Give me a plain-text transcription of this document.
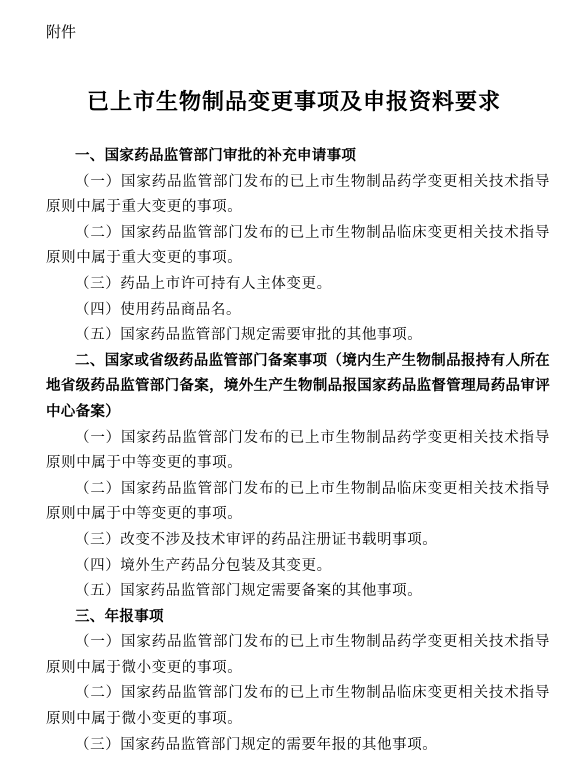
附件
已上市生物制品变更事项及申报资料要求

一、国家药品监管部门审批的补充申请事项

（一）国家药品监管部门发布的已上市生物制品药学变更相关技术指导原则中属于重大变更的事项。

（二）国家药品监管部门发布的已上市生物制品临床变更相关技术指导原则中属于重大变更的事项。

（三）药品上市许可持有人主体变更。

（四）使用药品商品名。

（五）国家药品监管部门规定需要审批的其他事项。

二、国家或省级药品监管部门备案事项（境内生产生物制品报持有人所在地省级药品监管部门备案，境外生产生物制品报国家药品监督管理局药品审评中心备案）

（一）国家药品监管部门发布的已上市生物制品药学变更相关技术指导原则中属于中等变更的事项。

（二）国家药品监管部门发布的已上市生物制品临床变更相关技术指导原则中属于中等变更的事项。

（三）改变不涉及技术审评的药品注册证书载明事项。

（四）境外生产药品分包装及其变更。

（五）国家药品监管部门规定需要备案的其他事项。

三、年报事项

（一）国家药品监管部门发布的已上市生物制品药学变更相关技术指导原则中属于微小变更的事项。

（二）国家药品监管部门发布的已上市生物制品临床变更相关技术指导原则中属于微小变更的事项。

（三）国家药品监管部门规定的需要年报的其他事项。
